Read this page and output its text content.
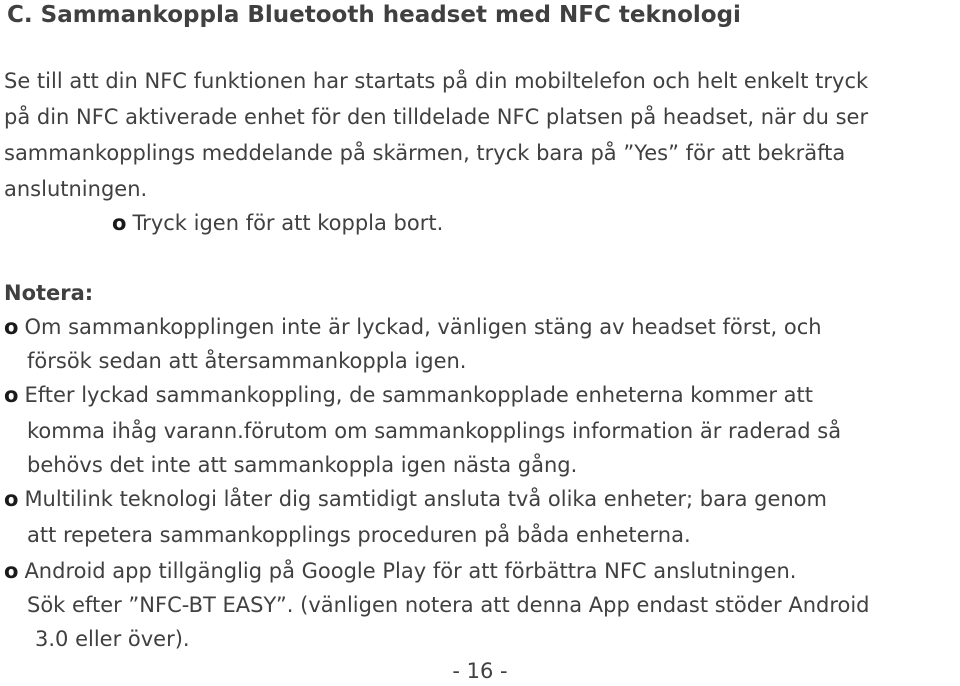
C. Sammankoppla Bluetooth headset med NFC teknologi
Se till att din NFC funktionen har startats på din mobiltelefon och helt enkelt tryck
på din NFC aktiverade enhet för den tilldelade NFC platsen på headset, när du ser
sammankopplings meddelande på skärmen, tryck bara på ”Yes” för att bekräfta
anslutningen.
o Tryck igen för att koppla bort.
Notera:
o Om sammankopplingen inte är lyckad, vänligen stäng av headset först, och
försök sedan att återsammankoppla igen.
o Efter lyckad sammankoppling, de sammankopplade enheterna kommer att
komma ihåg varann.förutom om sammankopplings information är raderad så
behövs det inte att sammankoppla igen nästa gång.
o Multilink teknologi låter dig samtidigt ansluta två olika enheter; bara genom
att repetera sammankopplings proceduren på båda enheterna.
o Android app tillgänglig på Google Play för att förbättra NFC anslutningen.
Sök efter ”NFC-BT EASY”. (vänligen notera att denna App endast stöder Android
3.0 eller över).
- 16 -
